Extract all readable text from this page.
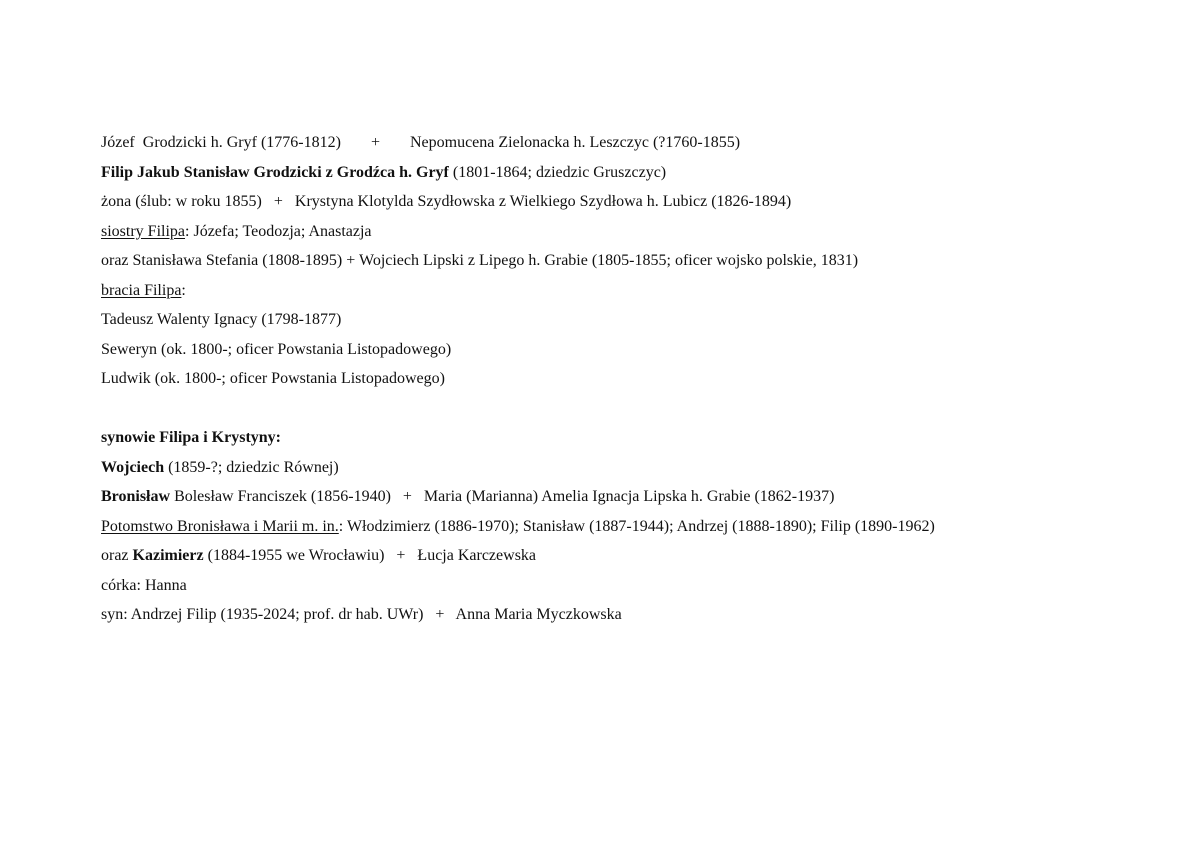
Józef  Grodzicki h. Gryf (1776-1812) + Nepomucena Zielonacka h. Leszczyc (?1760-1855)
Filip Jakub Stanisław Grodzicki z Grodźca h. Gryf (1801-1864; dziedzic Gruszczyc)
żona (ślub: w roku 1855)   +   Krystyna Klotylda Szydłowska z Wielkiego Szydłowa h. Lubicz (1826-1894)
siostry Filipa: Józefa; Teodozja; Anastazja
oraz Stanisława Stefania (1808-1895) + Wojciech Lipski z Lipego h. Grabie (1805-1855; oficer wojsko polskie, 1831)
bracia Filipa:
Tadeusz Walenty Ignacy (1798-1877)
Seweryn (ok. 1800-; oficer Powstania Listopadowego)
Ludwik (ok. 1800-; oficer Powstania Listopadowego)
synowie Filipa i Krystyny:
Wojciech (1859-?; dziedzic Równej)
Bronisław Bolesław Franciszek (1856-1940)   +   Maria (Marianna) Amelia Ignacja Lipska h. Grabie (1862-1937)
Potomstwo Bronisława i Marii m. in.: Włodzimierz (1886-1970); Stanisław (1887-1944); Andrzej (1888-1890); Filip (1890-1962)
oraz Kazimierz (1884-1955 we Wrocławiu)   +   Łucja Karczewska
córka: Hanna
syn: Andrzej Filip (1935-2024; prof. dr hab. UWr)   +   Anna Maria Myczkowska
